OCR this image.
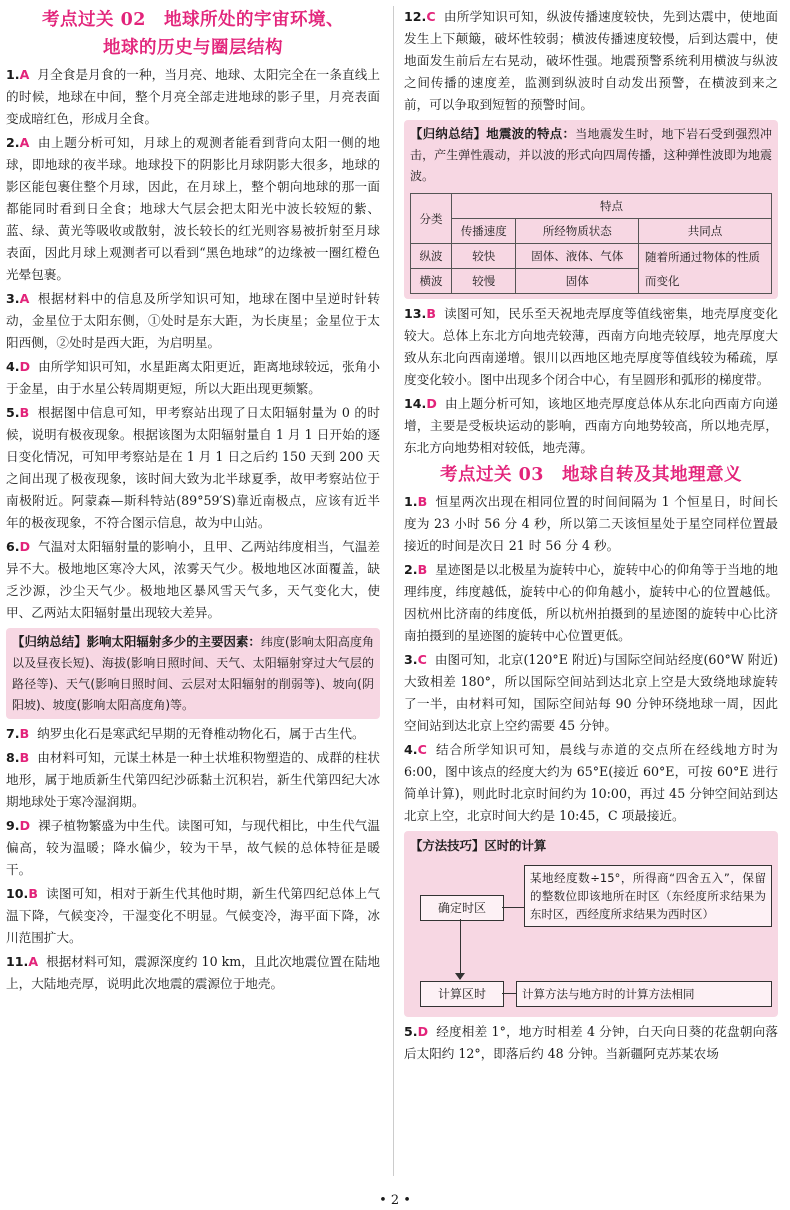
考点过关 02　地球所处的宇宙环境、
地球的历史与圈层结构

1.A 月全食是月食的一种，当月亮、地球、太阳完全在一条直线上的时候，地球在中间，整个月亮全部走进地球的影子里，月亮表面变成暗红色，形成月全食。

2.A 由上题分析可知，月球上的观测者能看到背向太阳一侧的地球，即地球的夜半球。地球投下的阴影比月球阴影大很多，地球的影区能包裹住整个月球，因此，在月球上，整个朝向地球的那一面都能同时看到日全食；地球大气层会把太阳光中波长较短的紫、蓝、绿、黄光等吸收或散射，波长较长的红光则容易被折射至月球表面，因此月球上观测者可以看到“黑色地球”的边缘被一圈红橙色光晕包裹。

3.A 根据材料中的信息及所学知识可知，地球在图中呈逆时针转动，金星位于太阳东侧，①处时是东大距，为长庚星；金星位于太阳西侧，②处时是西大距，为启明星。

4.D 由所学知识可知，水星距离太阳更近，距离地球较远，张角小于金星，由于水星公转周期更短，所以大距出现更频繁。

5.B 根据图中信息可知，甲考察站出现了日太阳辐射量为 0 的时候，说明有极夜现象。根据该图为太阳辐射量自 1 月 1 日开始的逐日变化情况，可知甲考察站是在 1 月 1 日之后约 150 天到 200 天之间出现了极夜现象，该时间大致为北半球夏季，故甲考察站位于南极附近。阿蒙森—斯科特站(89°59′S)靠近南极点，应该有近半年的极夜现象，不符合图示信息，故为中山站。

6.D 气温对太阳辐射量的影响小，且甲、乙两站纬度相当，气温差异不大。极地地区寒冷大风，浓雾天气少。极地地区冰面覆盖，缺乏沙源，沙尘天气少。极地地区暴风雪天气多，天气变化大，使甲、乙两站太阳辐射量出现较大差异。

【归纳总结】影响太阳辐射多少的主要因素：纬度(影响太阳高度角以及昼夜长短)、海拔(影响日照时间、天气、太阳辐射穿过大气层的路径等)、天气(影响日照时间、云层对太阳辐射的削弱等)、坡向(阴阳坡)、坡度(影响太阳高度角)等。

7.B 纳罗虫化石是寒武纪早期的无脊椎动物化石，属于古生代。

8.B 由材料可知，元谋土林是一种土状堆积物塑造的、成群的柱状地形，属于地质新生代第四纪沙砾黏土沉积岩，新生代第四纪大冰期地球处于寒冷湿润期。

9.D 裸子植物繁盛为中生代。读图可知，与现代相比，中生代气温偏高，较为温暖；降水偏少，较为干旱，故气候的总体特征是暖干。

10.B 读图可知，相对于新生代其他时期，新生代第四纪总体上气温下降，气候变冷，干湿变化不明显。气候变冷，海平面下降，冰川范围扩大。

11.A 根据材料可知，震源深度约 10 km，且此次地震位置在陆地上，大陆地壳厚，说明此次地震的震源位于地壳。

12.C 由所学知识可知，纵波传播速度较快，先到达震中，使地面发生上下颠簸，破坏性较弱；横波传播速度较慢，后到达震中，使地面发生前后左右晃动，破坏性强。地震预警系统利用横波与纵波之间传播的速度差，监测到纵波时自动发出预警，在横波到来之前，可以争取到短暂的预警时间。

【归纳总结】地震波的特点：当地震发生时，地下岩石受到强烈冲击，产生弹性震动，并以波的形式向四周传播，这种弹性波即为地震波。

分类	特点		
	传播速度	所经物质状态	共同点
纵波	较快	固体、液体、气体	随着所通过物体的性质而变化
横波	较慢	固体	

13.B 读图可知，民乐至天祝地壳厚度等值线密集，地壳厚度变化较大。总体上东北方向地壳较薄，西南方向地壳较厚，地壳厚度大致从东北向西南递增。银川以西地区地壳厚度等值线较为稀疏，厚度变化较小。图中出现多个闭合中心，有呈圆形和弧形的梯度带。

14.D 由上题分析可知，该地区地壳厚度总体从东北向西南方向递增，主要是受板块运动的影响，西南方向地势较高，所以地壳厚，东北方向地势相对较低，地壳薄。

考点过关 03　地球自转及其地理意义

1.B 恒星两次出现在相同位置的时间间隔为 1 个恒星日，时间长度为 23 小时 56 分 4 秒，所以第二天该恒星处于星空同样位置最接近的时间是次日 21 时 56 分 4 秒。

2.B 星迹图是以北极星为旋转中心，旋转中心的仰角等于当地的地理纬度，纬度越低，旋转中心的仰角越小，旋转中心的位置越低。因杭州比济南的纬度低，所以杭州拍摄到的星迹图的旋转中心比济南拍摄到的星迹图的旋转中心位置更低。

3.C 由图可知，北京(120°E 附近)与国际空间站经度(60°W 附近)大致相差 180°，所以国际空间站到达北京上空是大致绕地球旋转了一半，由材料可知，国际空间站每 90 分钟环绕地球一周，因此空间站到达北京上空约需要 45 分钟。

4.C 结合所学知识可知，晨线与赤道的交点所在经线地方时为 6:00，图中该点的经度大约为 65°E(接近 60°E，可按 60°E 进行简单计算)，则此时北京时间约为 10:00，再过 45 分钟空间站到达北京上空，北京时间大约是 10:45，C 项最接近。

【方法技巧】区时的计算

确定时区
某地经度数÷15°，所得商“四舍五入”，保留的整数位即该地所在时区（东经度所求结果为东时区，西经度所求结果为西时区）
计算区时	计算方法与地方时的计算方法相同

5.D 经度相差 1°，地方时相差 4 分钟，白天向日葵的花盘朝向落后太阳约 12°，即落后约 48 分钟。当新疆阿克苏某农场

• 2 •
